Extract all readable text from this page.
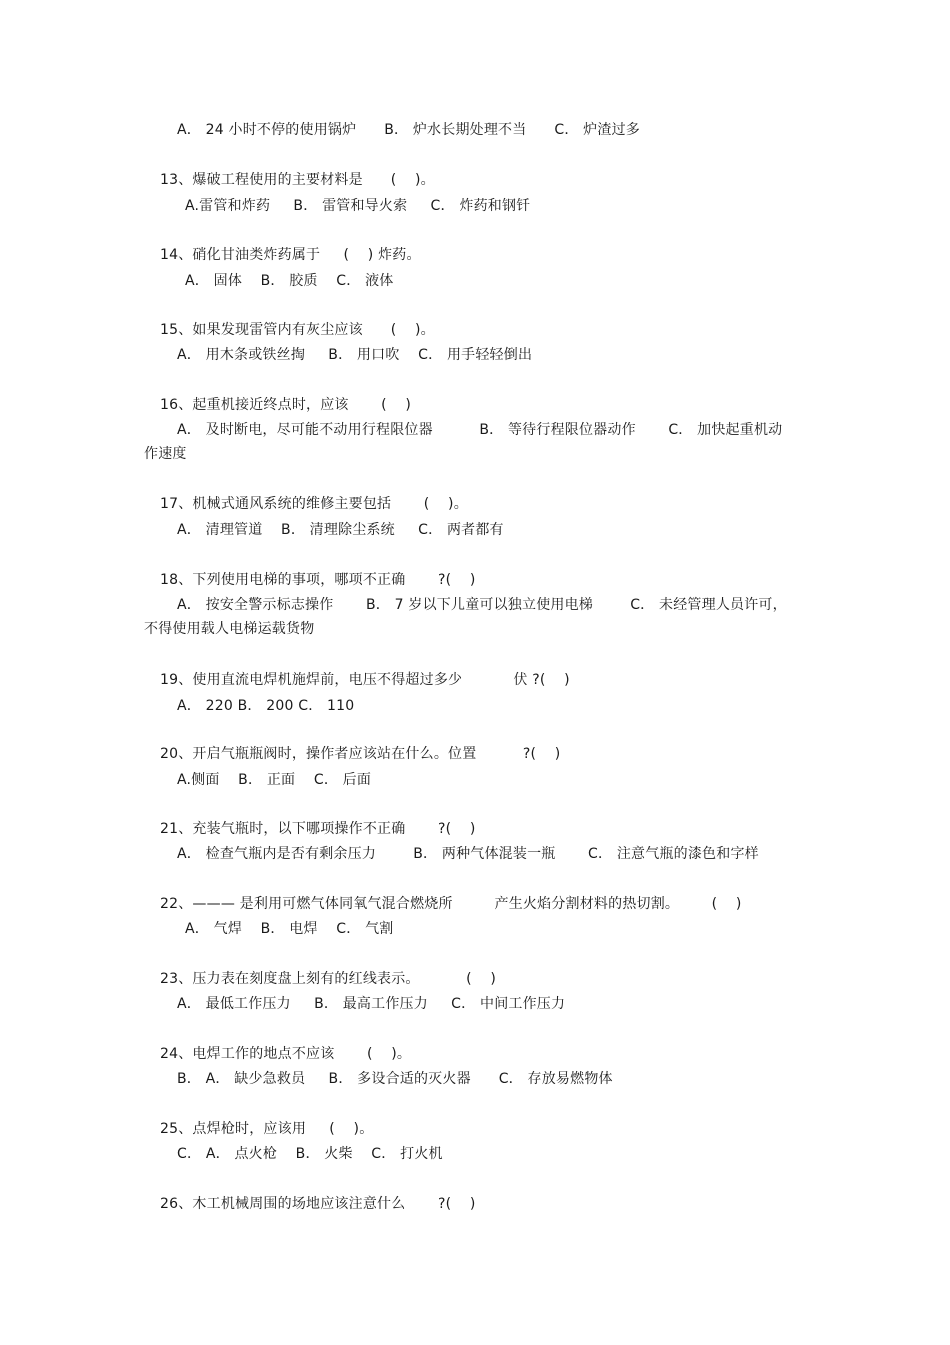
A． 24 小时不停的使用锅炉      B． 炉水长期处理不当      C． 炉渣过多
13、爆破工程使用的主要材料是      (    )。
A.雷管和炸药     B． 雷管和导火索     C． 炸药和钢钎
14、硝化甘油类炸药属于     (    ) 炸药。
A． 固体    B． 胶质    C． 液体
15、如果发现雷管内有灰尘应该      (    )。
A． 用木条或铁丝掏     B． 用口吹    C． 用手轻轻倒出
16、起重机接近终点时，应该       (    )
A． 及时断电，尽可能不动用行程限位器          B． 等待行程限位器动作       C． 加快起重机动
作速度
17、机械式通风系统的维修主要包括       (    )。
A． 清理管道    B． 清理除尘系统     C． 两者都有
18、下列使用电梯的事项，哪项不正确       ?(    )
A． 按安全警示标志操作       B． 7 岁以下儿童可以独立使用电梯        C． 未经管理人员许可，
不得使用载人电梯运载货物
19、使用直流电焊机施焊前，电压不得超过多少           伏 ?(    )
A． 220 B． 200 C． 110
20、开启气瓶瓶阀时，操作者应该站在什么。位置          ?(    )
A.侧面    B． 正面    C． 后面
21、充装气瓶时，以下哪项操作不正确       ?(    )
A． 检查气瓶内是否有剩余压力        B． 两种气体混装一瓶       C． 注意气瓶的漆色和字样
22、——— 是利用可燃气体同氧气混合燃烧所         产生火焰分割材料的热切割。       (    )
A． 气焊    B． 电焊    C． 气割
23、压力表在刻度盘上刻有的红线表示。          (    )
A． 最低工作压力     B． 最高工作压力     C． 中间工作压力
24、电焊工作的地点不应该       (    )。
B． A． 缺少急救员     B． 多设合适的灭火器      C． 存放易燃物体
25、点焊枪时，应该用     (    )。
C． A． 点火枪    B． 火柴    C． 打火机
26、木工机械周围的场地应该注意什么       ?(    )
